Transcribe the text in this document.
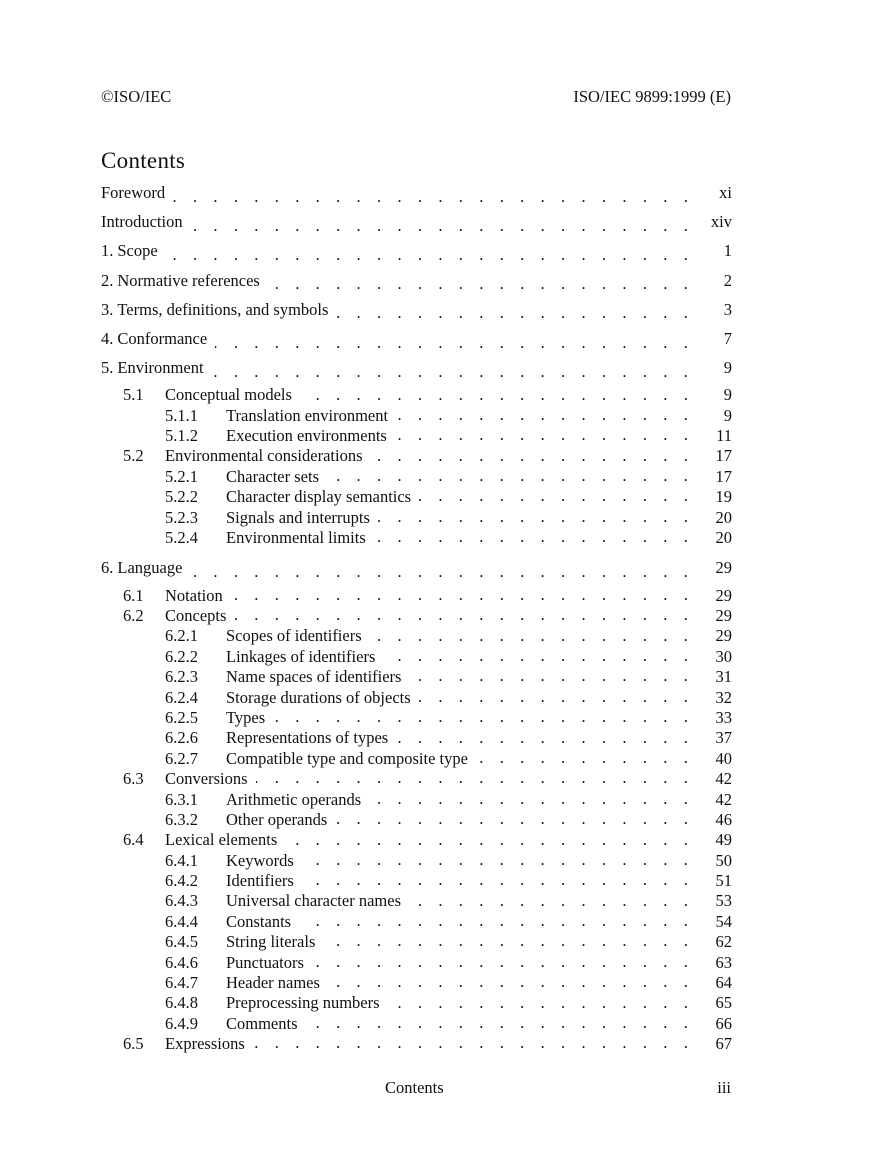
©ISO/IEC	ISO/IEC 9899:1999 (E)
Contents
Foreword . . .	xi
Introduction . . .	xiv
1. Scope . . .	1
2. Normative references . . .	2
3. Terms, definitions, and symbols . . .	3
4. Conformance . . .	7
5. Environment . . .	9
5.1	Conceptual models . . .	9
5.1.1	Translation environment . . .	9
5.1.2	Execution environments . . .	11
5.2	Environmental considerations . . .	17
5.2.1	Character sets . . .	17
5.2.2	Character display semantics . . .	19
5.2.3	Signals and interrupts . . .	20
5.2.4	Environmental limits . . .	20
6. Language . . .	29
6.1	Notation . . .	29
6.2	Concepts . . .	29
6.2.1	Scopes of identifiers . . .	29
6.2.2	Linkages of identifiers . . .	30
6.2.3	Name spaces of identifiers . . .	31
6.2.4	Storage durations of objects . . .	32
6.2.5	Types . . .	33
6.2.6	Representations of types . . .	37
6.2.7	Compatible type and composite type . . .	40
6.3	Conversions . . .	42
6.3.1	Arithmetic operands . . .	42
6.3.2	Other operands . . .	46
6.4	Lexical elements . . .	49
6.4.1	Keywords . . .	50
6.4.2	Identifiers . . .	51
6.4.3	Universal character names . . .	53
6.4.4	Constants . . .	54
6.4.5	String literals . . .	62
6.4.6	Punctuators . . .	63
6.4.7	Header names . . .	64
6.4.8	Preprocessing numbers . . .	65
6.4.9	Comments . . .	66
6.5	Expressions . . .	67
Contents	iii
